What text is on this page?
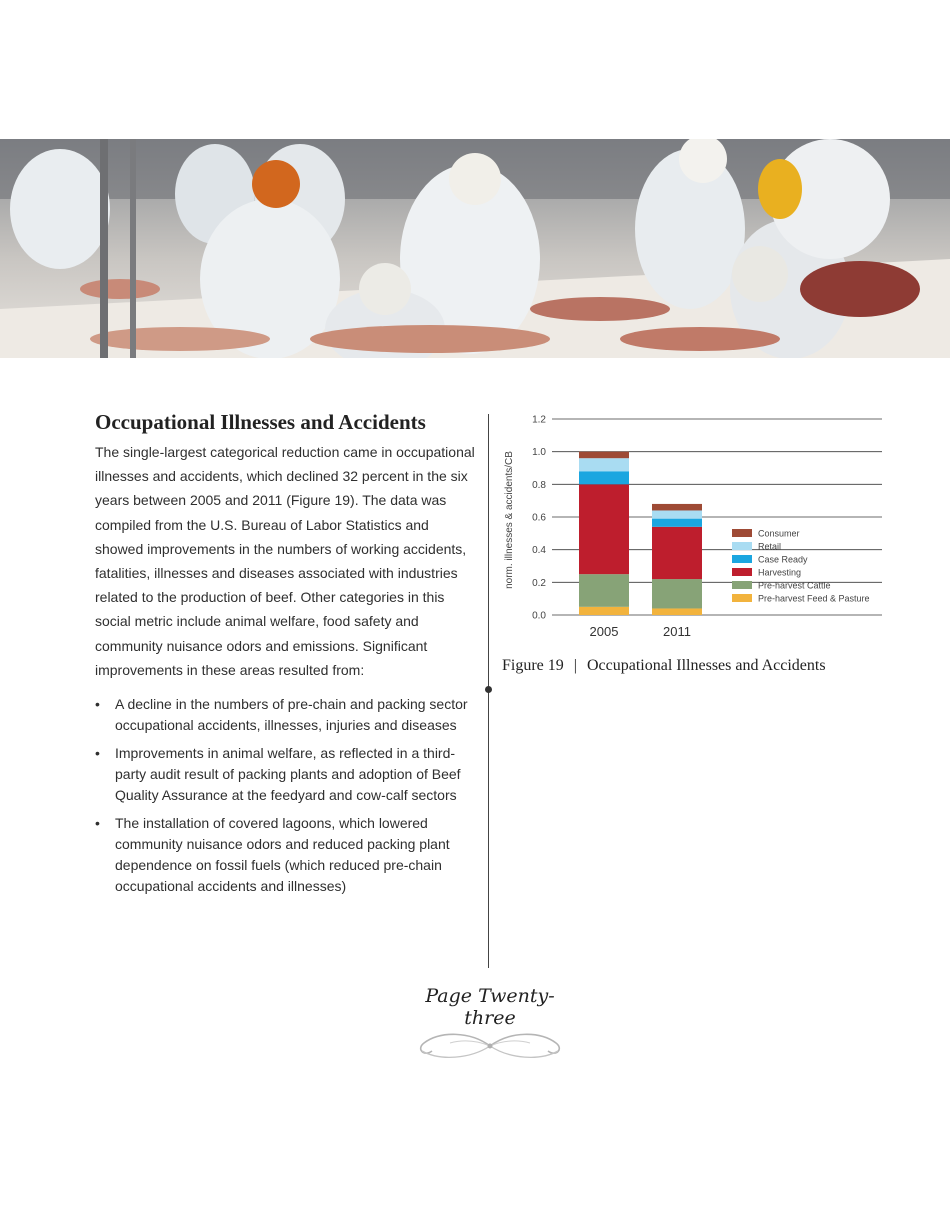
Occupational Illnesses and Accidents

The single-largest categorical reduction came in occupational illnesses and accidents, which declined 32 percent in the six years between 2005 and 2011 (Figure 19). The data was compiled from the U.S. Bureau of Labor Statistics and showed improvements in the numbers of working accidents, fatalities, illnesses and diseases associated with industries related to the production of beef. Other categories in this social metric include animal welfare, food safety and community nuisance odors and emissions. Significant improvements in these areas resulted from:

• A decline in the numbers of pre-chain and packing sector occupational accidents, illnesses, injuries and diseases
• Improvements in animal welfare, as reflected in a third-party audit result of packing plants and adoption of Beef Quality Assurance at the feedyard and cow-calf sectors
• The installation of covered lagoons, which lowered community nuisance odors and reduced packing plant dependence on fossil fuels (which reduced pre-chain occupational accidents and illnesses)
norm. illnesses & accidents/CB
0.0
0.2
0.4
0.6
0.8
1.0
1.2
2005	2011
Consumer
Retail
Case Ready
Harvesting
Pre-harvest Cattle
Pre-harvest Feed & Pasture
Figure 19 | Occupational Illnesses and Accidents
Page Twenty-three
